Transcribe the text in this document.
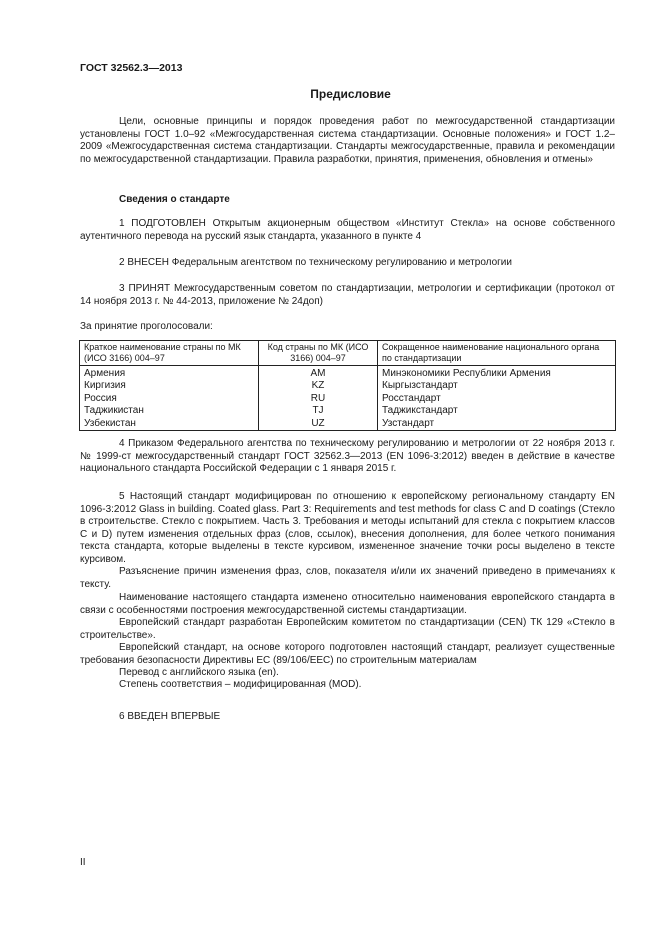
ГОСТ 32562.3—2013
Предисловие
Цели, основные принципы и порядок проведения работ по межгосударственной стандартизации установлены ГОСТ 1.0–92 «Межгосударственная система стандартизации. Основные положения» и ГОСТ 1.2–2009 «Межгосударственная система стандартизации. Стандарты межгосударственные, правила и рекомендации по межгосударственной стандартизации. Правила разработки, принятия, применения, обновления и отмены»
Сведения о стандарте
1 ПОДГОТОВЛЕН Открытым акционерным обществом «Институт Стекла» на основе собственного аутентичного перевода на русский язык стандарта, указанного в пункте 4
2 ВНЕСЕН Федеральным агентством по техническому регулированию и метрологии
3 ПРИНЯТ Межгосударственным советом по стандартизации, метрологии и сертификации (протокол от 14 ноября 2013 г. № 44-2013, приложение № 24доп)
За принятие проголосовали:
Краткое наименование страны по МК (ИСО 3166) 004–97	Код страны по МК (ИСО 3166) 004–97	Сокращенное наименование национального органа по стандартизации
Армения	AM	Минэкономики Республики Армения
Киргизия	KZ	Кыргызстандарт
Россия	RU	Росстандарт
Таджикистан	TJ	Таджикстандарт
Узбекистан	UZ	Узстандарт
4 Приказом Федерального агентства по техническому регулированию и метрологии от 22 ноября 2013 г. № 1999-ст межгосударственный стандарт ГОСТ 32562.3—2013 (EN 1096-3:2012) введен в действие в качестве национального стандарта Российской Федерации с 1 января 2015 г.
5 Настоящий стандарт модифицирован по отношению к европейскому региональному стандарту EN 1096-3:2012 Glass in building. Coated glass. Part 3: Requirements and test methods for class C and D coatings (Стекло в строительстве. Стекло с покрытием. Часть 3. Требования и методы испытаний для стекла с покрытием классов C и D) путем изменения отдельных фраз (слов, ссылок), внесения дополнения, для более четкого понимания текста стандарта, которые выделены в тексте курсивом, измененное значение точки росы выделено в тексте курсивом.
Разъяснение причин изменения фраз, слов, показателя и/или их значений приведено в примечаниях к тексту.
Наименование настоящего стандарта изменено относительно наименования европейского стандарта в связи с особенностями построения межгосударственной системы стандартизации.
Европейский стандарт разработан Европейским комитетом по стандартизации (CEN) ТК 129 «Стекло в строительстве».
Европейский стандарт, на основе которого подготовлен настоящий стандарт, реализует существенные требования безопасности Директивы ЕС (89/106/EEC) по строительным материалам
Перевод с английского языка (en).
Степень соответствия – модифицированная (MOD).
6 ВВЕДЕН ВПЕРВЫЕ
II
